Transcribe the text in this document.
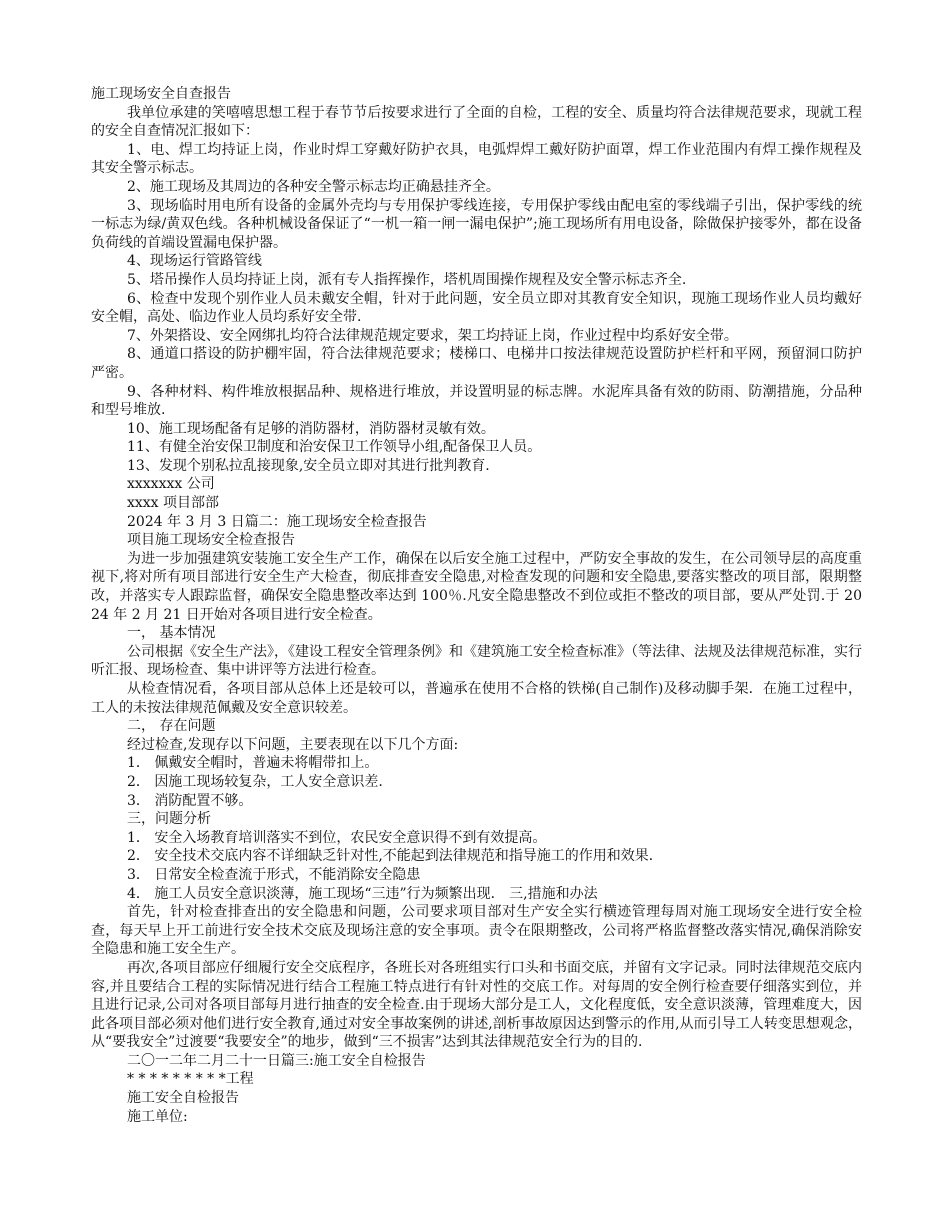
施工现场安全自查报告

我单位承建的笑嘻嘻思想工程于春节节后按要求进行了全面的自检，工程的安全、质量均符合法律规范要求，现就工程的安全自查情况汇报如下：

1、电、焊工均持证上岗，作业时焊工穿戴好防护衣具，电弧焊焊工戴好防护面罩，焊工作业范围内有焊工操作规程及其安全警示标志。

2、施工现场及其周边的各种安全警示标志均正确悬挂齐全。

3、现场临时用电所有设备的金属外壳均与专用保护零线连接，专用保护零线由配电室的零线端子引出，保护零线的统一标志为绿/黄双色线。各种机械设备保证了“一机一箱一闸一漏电保护”;施工现场所有用电设备，除做保护接零外，都在设备负荷线的首端设置漏电保护器。

4、现场运行管路管线

5、塔吊操作人员均持证上岗，派有专人指挥操作，塔机周围操作规程及安全警示标志齐全.

6、检查中发现个别作业人员未戴安全帽，针对于此问题，安全员立即对其教育安全知识，现施工现场作业人员均戴好安全帽，高处、临边作业人员均系好安全带.

7、外架搭设、安全网绑扎均符合法律规范规定要求，架工均持证上岗，作业过程中均系好安全带。

8、通道口搭设的防护棚牢固，符合法律规范要求；楼梯口、电梯井口按法律规范设置防护栏杆和平网，预留洞口防护严密。

9、各种材料、构件堆放根据品种、规格进行堆放，并设置明显的标志牌。水泥库具备有效的防雨、防潮措施，分品种和型号堆放.

10、施工现场配备有足够的消防器材，消防器材灵敏有效。

11、有健全治安保卫制度和治安保卫工作领导小组,配备保卫人员。

13、发现个别私拉乱接现象,安全员立即对其进行批判教育.

xxxxxxx 公司

xxxx 项目部部

2024 年 3 月 3 日篇二：施工现场安全检查报告

项目施工现场安全检查报告

为进一步加强建筑安装施工安全生产工作，确保在以后安全施工过程中，严防安全事故的发生，在公司领导层的高度重视下,将对所有项目部进行安全生产大检查，彻底排查安全隐患,对检查发现的问题和安全隐患,要落实整改的项目部，限期整改，并落实专人跟踪监督，确保安全隐患整改率达到 100％.凡安全隐患整改不到位或拒不整改的项目部，要从严处罚.于 2024 年 2 月 21 日开始对各项目进行安全检查。

一， 基本情况

公司根据《安全生产法》，《建设工程安全管理条例》和《建筑施工安全检查标准》（等法律、法规及法律规范标准，实行听汇报、现场检查、集中讲评等方法进行检查。

从检查情况看，各项目部从总体上还是较可以，普遍承在使用不合格的铁梯(自己制作)及移动脚手架．在施工过程中，工人的未按法律规范佩戴及安全意识较差。

二， 存在问题

经过检查,发现存以下问题，主要表现在以下几个方面:

1． 佩戴安全帽时，普遍未将帽带扣上。

2． 因施工现场较复杂，工人安全意识差.

3． 消防配置不够。

三，问题分析

1． 安全入场教育培训落实不到位，农民安全意识得不到有效提高。

2． 安全技术交底内容不详细缺乏针对性,不能起到法律规范和指导施工的作用和效果．

3． 日常安全检查流于形式，不能消除安全隐患

4． 施工人员安全意识淡薄，施工现场“三违”行为频繁出现． 三,措施和办法

首先，针对检查排查出的安全隐患和问题，公司要求项目部对生产安全实行横迹管理每周对施工现场安全进行安全检查，每天早上开工前进行安全技术交底及现场注意的安全事项。责令在限期整改，公司将严格监督整改落实情况,确保消除安全隐患和施工安全生产。

再次,各项目部应仔细履行安全交底程序，各班长对各班组实行口头和书面交底，并留有文字记录。同时法律规范交底内容,并且要结合工程的实际情况进行结合工程施工特点进行有针对性的交底工作。对每周的安全例行检查要仔细落实到位，并且进行记录,公司对各项目部每月进行抽查的安全检查.由于现场大部分是工人，文化程度低，安全意识淡薄，管理难度大，因此各项目部必须对他们进行安全教育,通过对安全事故案例的讲述,剖析事故原因达到警示的作用,从而引导工人转变思想观念，从“要我安全”过渡要“我要安全”的地步，做到“三不损害”达到其法律规范安全行为的目的.

二〇一二年二月二十一日篇三:施工安全自检报告

* * * * * * * * *工程

施工安全自检报告

施工单位:
